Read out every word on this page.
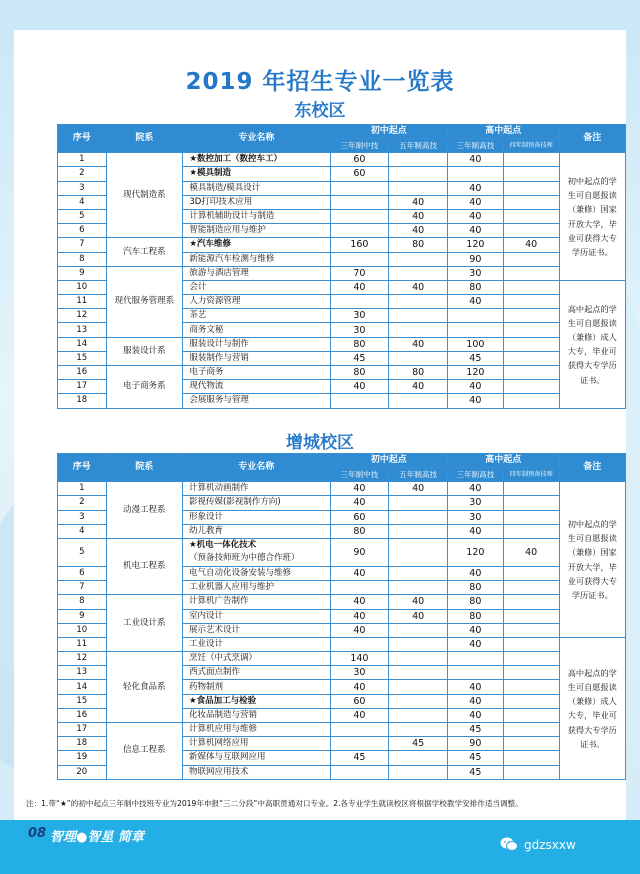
2019 年招生专业一览表
东校区
序号	院系	专业名称	初中起点		高中起点		备注
			三年制中技	五年制高技	三年制高技	四年制预备技师	
1	现代制造系	★数控加工（数控车工）	60		40		初中起点的学生可自愿报读（兼修）国家开放大学，毕业可获得大专学历证书。
2		★模具制造	60				
3		模具制造/模具设计			40		
4		3D打印技术应用		40	40		
5		计算机辅助设计与制造		40	40		
6		智能制造应用与维护		40	40		
7	汽车工程系	★汽车维修	160	80	120	40	
8		新能源汽车检测与维修			90		
9	现代服务管理系	旅游与酒店管理	70		30		
10		会计	40	40	80		高中起点的学生可自愿报读（兼修）成人大专，毕业可获得大专学历证书。
11		人力资源管理			40		
12		茶艺	30				
13		商务文秘	30				
14	服装设计系	服装设计与制作	80	40	100		
15		服装制作与营销	45		45		
16	电子商务系	电子商务	80	80	120		
17		现代物流	40	40	40		
18		会展服务与管理			40		
增城校区
序号	院系	专业名称	初中起点		高中起点		备注
			三年制中技	五年制高技	三年制高技	四年制预备技师	
1	动漫工程系	计算机动画制作	40	40	40		初中起点的学生可自愿报读（兼修）国家开放大学，毕业可获得大专学历证书。
2		影视传媒(影视制作方向)	40		30		
3		形象设计	60		30		
4		幼儿教育	80		40		
5	机电工程系	★机电一体化技术
（预备技师班为中德合作班）	90		120	40	
6		电气自动化设备安装与维修	40		40		
7		工业机器人应用与维护			80		
8	工业设计系	计算机广告制作	40	40	80		
9		室内设计	40	40	80		
10		展示艺术设计	40		40		
11		工业设计			40		高中起点的学生可自愿报读（兼修）成人大专，毕业可获得大专学历证书。
12	轻化食品系	烹饪（中式烹调）	140				
13		西式面点制作	30				
14		药物制剂	40		40		
15		★食品加工与检验	60		40		
16		化妆品制造与营销	40		40		
17	信息工程系	计算机应用与维修			45		
18		计算机网络应用		45	90		
19		新媒体与互联网应用	45		45		
20		物联网应用技术			45		
注：1.带“★”的初中起点三年制中技班专业为2019年申报“三二分段”中高职贯通对口专业。2.各专业学生就读校区将根据学校教学安排作适当调整。
08 智理●智星 简章	gdzsxxw
